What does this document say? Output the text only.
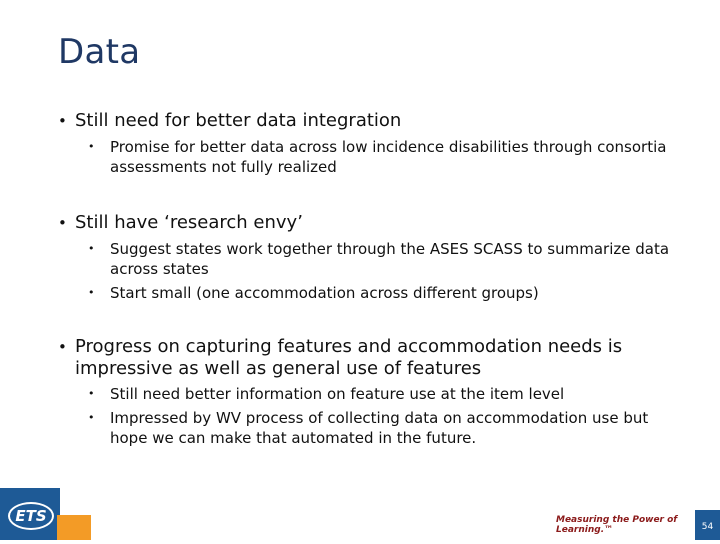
Data
• Still need for better data integration
• Promise for better data across low incidence disabilities through consortia assessments not fully realized
• Still have ‘research envy’
• Suggest states work together through the ASES SCASS to summarize data across states
• Start small (one accommodation across different groups)
• Progress on capturing features and accommodation needs is impressive as well as general use of features
• Still need better information on feature use at the item level
• Impressed by WV process of collecting data on accommodation use but hope we can make that automated in the future.
ETS	Measuring the Power of Learning.™	54
